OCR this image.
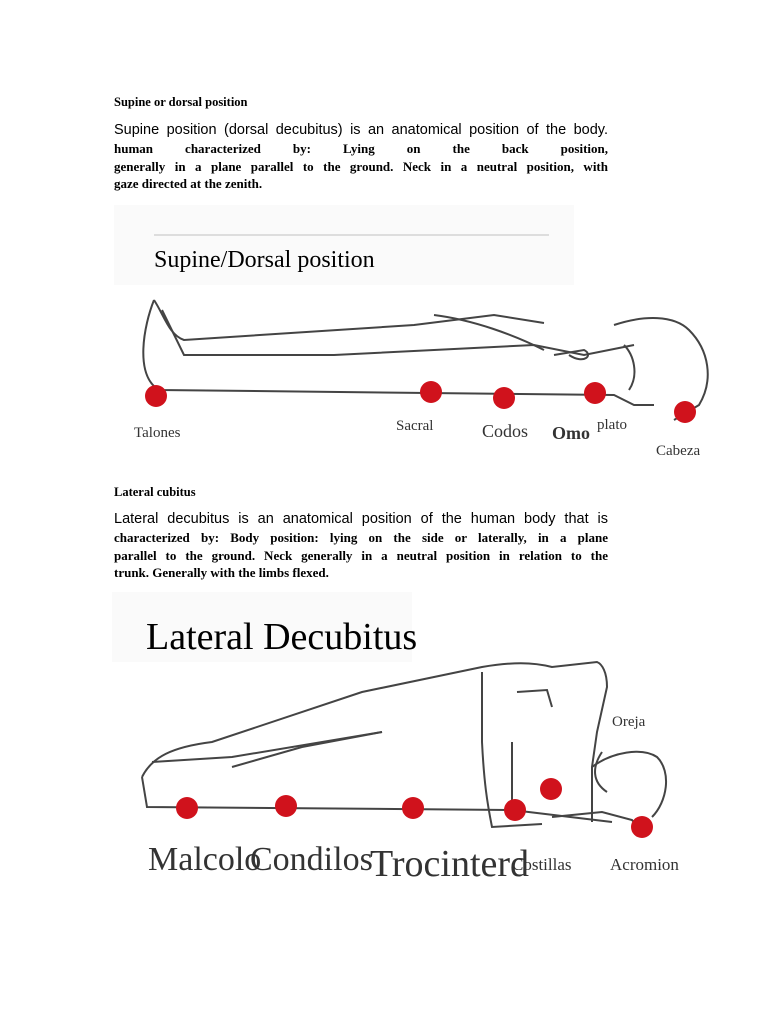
Supine or dorsal position
Supine position (dorsal decubitus) is an anatomical position of the body.
human characterized by: Lying on the back position,
generally in a plane parallel to the ground. Neck in a neutral position, with
gaze directed at the zenith.
Supine/Dorsal position
Talones	Sacral	Codos Omo plato
Cabeza
Lateral cubitus
Lateral decubitus is an anatomical position of the human body that is
characterized by: Body position: lying on the side or laterally, in a plane
parallel to the ground. Neck generally in a neutral position in relation to the
trunk. Generally with the limbs flexed.
Lateral Decubitus
Malcolo
Condilos
Trocinterd
Costillas Acromion
Oreja
